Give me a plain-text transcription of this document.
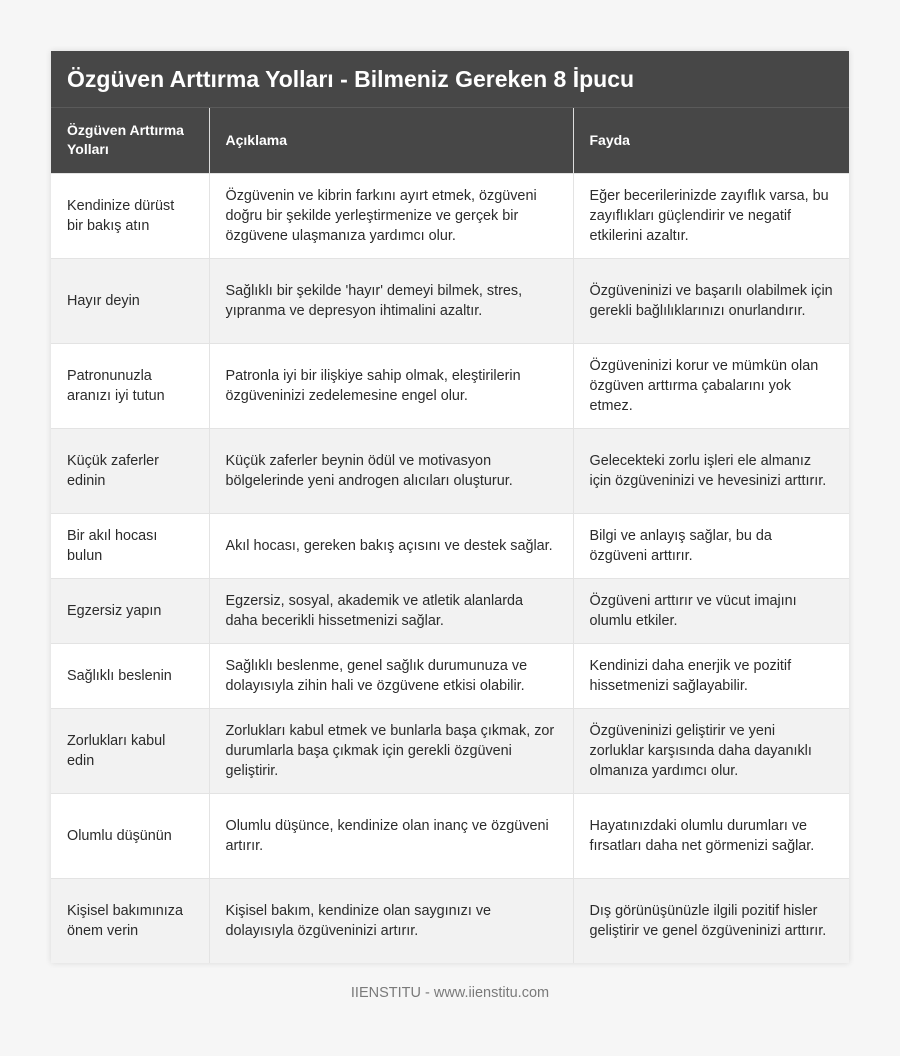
Özgüven Arttırma Yolları - Bilmeniz Gereken 8 İpucu
Özgüven Arttırma Yolları	Açıklama	Fayda
Kendinize dürüst bir bakış atın	Özgüvenin ve kibrin farkını ayırt etmek, özgüveni doğru bir şekilde yerleştirmenize ve gerçek bir özgüvene ulaşmanıza yardımcı olur.	Eğer becerilerinizde zayıflık varsa, bu zayıflıkları güçlendirir ve negatif etkilerini azaltır.
Hayır deyin	Sağlıklı bir şekilde 'hayır' demeyi bilmek, stres, yıpranma ve depresyon ihtimalini azaltır.	Özgüveninizi ve başarılı olabilmek için gerekli bağlılıklarınızı onurlandırır.
Patronunuzla aranızı iyi tutun	Patronla iyi bir ilişkiye sahip olmak, eleştirilerin özgüveninizi zedelemesine engel olur.	Özgüveninizi korur ve mümkün olan özgüven arttırma çabalarını yok etmez.
Küçük zaferler edinin	Küçük zaferler beynin ödül ve motivasyon bölgelerinde yeni androgen alıcıları oluşturur.	Gelecekteki zorlu işleri ele almanız için özgüveninizi ve hevesinizi arttırır.
Bir akıl hocası bulun	Akıl hocası, gereken bakış açısını ve destek sağlar.	Bilgi ve anlayış sağlar, bu da özgüveni arttırır.
Egzersiz yapın	Egzersiz, sosyal, akademik ve atletik alanlarda daha becerikli hissetmenizi sağlar.	Özgüveni arttırır ve vücut imajını olumlu etkiler.
Sağlıklı beslenin	Sağlıklı beslenme, genel sağlık durumunuza ve dolayısıyla zihin hali ve özgüvene etkisi olabilir.	Kendinizi daha enerjik ve pozitif hissetmenizi sağlayabilir.
Zorlukları kabul edin	Zorlukları kabul etmek ve bunlarla başa çıkmak, zor durumlarla başa çıkmak için gerekli özgüveni geliştirir.	Özgüveninizi geliştirir ve yeni zorluklar karşısında daha dayanıklı olmanıza yardımcı olur.
Olumlu düşünün	Olumlu düşünce, kendinize olan inanç ve özgüveni artırır.	Hayatınızdaki olumlu durumları ve fırsatları daha net görmenizi sağlar.
Kişisel bakımınıza önem verin	Kişisel bakım, kendinize olan saygınızı ve dolayısıyla özgüveninizi artırır.	Dış görünüşünüzle ilgili pozitif hisler geliştirir ve genel özgüveninizi arttırır.
IIENSTITU - www.iienstitu.com
